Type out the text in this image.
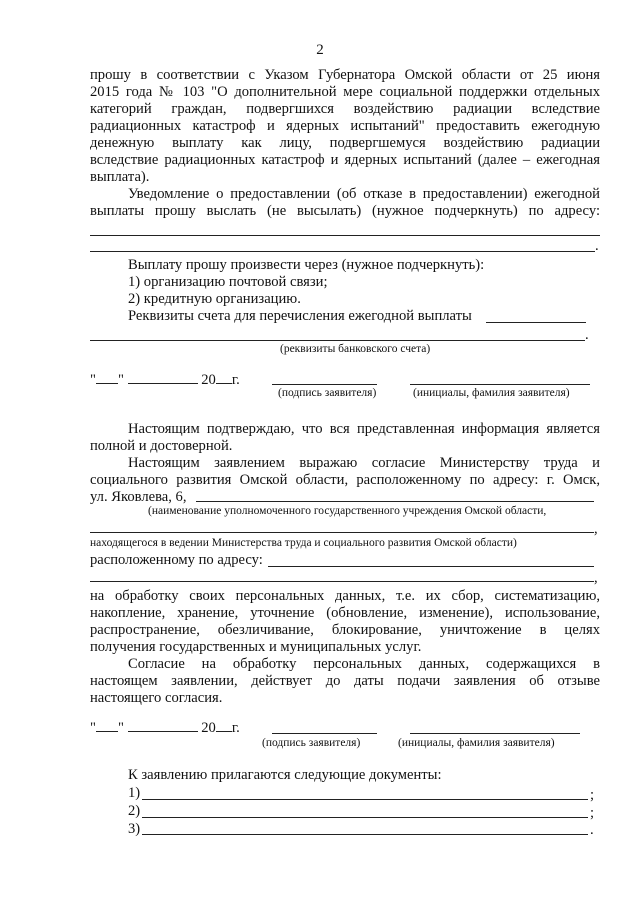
2
прошу в соответствии с Указом Губернатора Омской области от 25 июня
2015 года № 103 "О дополнительной мере социальной поддержки отдельных
категорий граждан, подвергшихся воздействию радиации вследствие
радиационных катастроф и ядерных испытаний" предоставить ежегодную
денежную выплату как лицу, подвергшемуся воздействию радиации
вследствие радиационных катастроф и ядерных испытаний (далее – ежегодная
выплата).
Уведомление о предоставлении (об отказе в предоставлении) ежегодной
выплаты прошу выслать (не высылать) (нужное подчеркнуть) по адресу:
.
Выплату прошу произвести через (нужное подчеркнуть):
1) организацию почтовой связи;
2) кредитную организацию.
Реквизиты счета для перечисления ежегодной выплаты
.
(реквизиты банковского счета)
" "	20 г.
(подпись заявителя)	(инициалы, фамилия заявителя)
Настоящим подтверждаю, что вся представленная информация является
полной и достоверной.
Настоящим заявлением выражаю согласие Министерству труда и
социального развития Омской области, расположенному по адресу: г. Омск,
ул. Яковлева, 6,
(наименование уполномоченного государственного учреждения Омской области,
,
находящегося в ведении Министерства труда и социального развития Омской области)
расположенному по адресу:
,
на обработку своих персональных данных, т.е. их сбор, систематизацию,
накопление, хранение, уточнение (обновление, изменение), использование,
распространение, обезличивание, блокирование, уничтожение в целях
получения государственных и муниципальных услуг.
Согласие на обработку персональных данных, содержащихся в
настоящем заявлении, действует до даты подачи заявления об отзыве
настоящего согласия.
" "	20 г.
(подпись заявителя)	(инициалы, фамилия заявителя)
К заявлению прилагаются следующие документы:
1)	;
2)	;
3)	.
